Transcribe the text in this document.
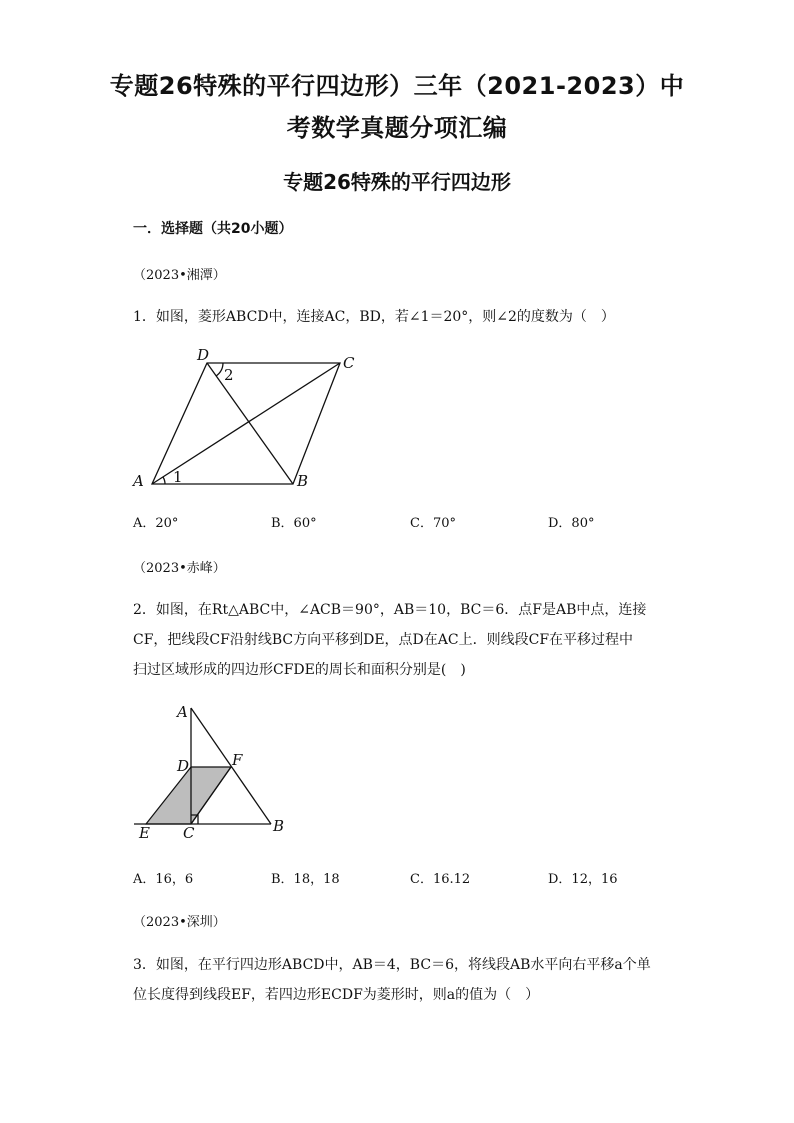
专题26特殊的平行四边形）三年（2021-2023）中
考数学真题分项汇编
专题26特殊的平行四边形
一．选择题（共20小题）
（2023•湘潭）
1．如图，菱形ABCD中，连接AC，BD，若∠1＝20°，则∠2的度数为（　）
A	B
C
D
1
2
A．20°	B．60°	C．70°	D．80°
（2023•赤峰）
2．如图，在Rt△ABC中，∠ACB＝90°，AB＝10，BC＝6．点F是AB中点，连接
CF，把线段CF沿射线BC方向平移到DE，点D在AC上．则线段CF在平移过程中
扫过区域形成的四边形CFDE的周长和面积分别是(　)
A
B
C
D
E
F
A．16，6	B．18，18	C．16.12	D．12，16
（2023•深圳）
3．如图，在平行四边形ABCD中，AB＝4，BC＝6，将线段AB水平向右平移a个单
位长度得到线段EF，若四边形ECDF为菱形时，则a的值为（　）
